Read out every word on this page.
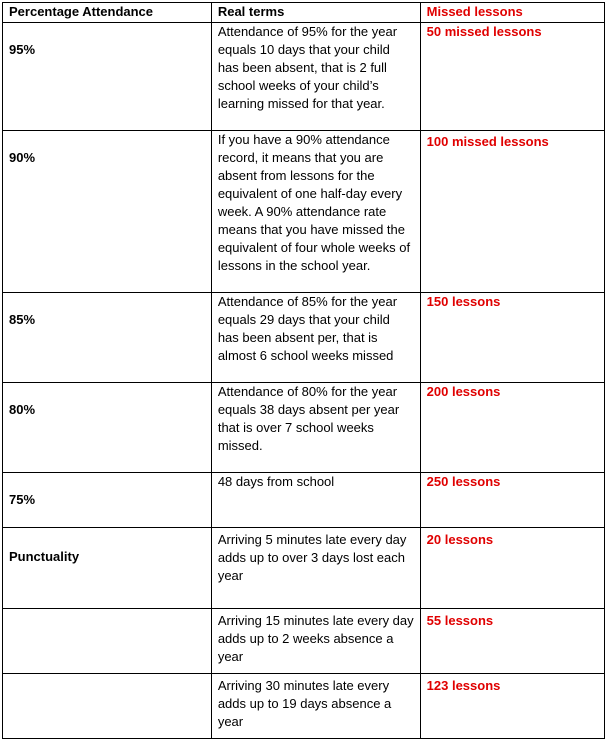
Percentage Attendance	Real terms	Missed lessons
95%	Attendance of 95% for the year equals 10 days that your child has been absent, that is 2 full school weeks of your child’s learning missed for that year.	50 missed lessons
90%	If you have a 90% attendance record, it means that you are absent from lessons for the equivalent of one half-day every week. A 90% attendance rate means that you have missed the equivalent of four whole weeks of lessons in the school year.	100 missed lessons
85%	Attendance of 85% for the year equals 29 days that your child has been absent per, that is almost 6 school weeks missed	150 lessons
80%	Attendance of 80% for the year equals 38 days absent per year that is over 7 school weeks missed.	200 lessons
75%	48 days from school	250 lessons
Punctuality	Arriving 5 minutes late every day adds up to over 3 days lost each year	20 lessons
	Arriving 15 minutes late every day adds up to 2 weeks absence a year	55 lessons
	Arriving 30 minutes late every adds up to 19 days absence a year	123 lessons
